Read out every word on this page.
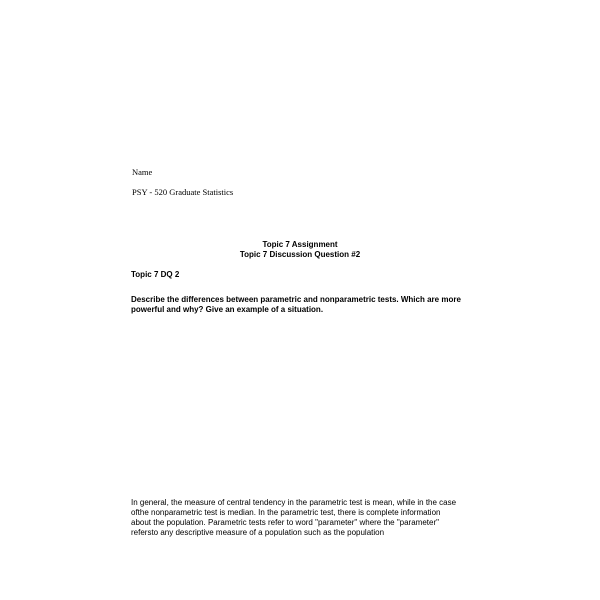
Name
PSY - 520 Graduate Statistics
Topic 7 Assignment
Topic 7 Discussion Question #2
Topic 7 DQ 2
Describe the differences between parametric and nonparametric tests. Which are more powerful and why? Give an example of a situation.
In general, the measure of central tendency in the parametric test is mean, while in the case ofthe nonparametric test is median. In the parametric test, there is complete information about the population. Parametric tests refer to word "parameter" where the "parameter" refersto any descriptive measure of a population such as the population
